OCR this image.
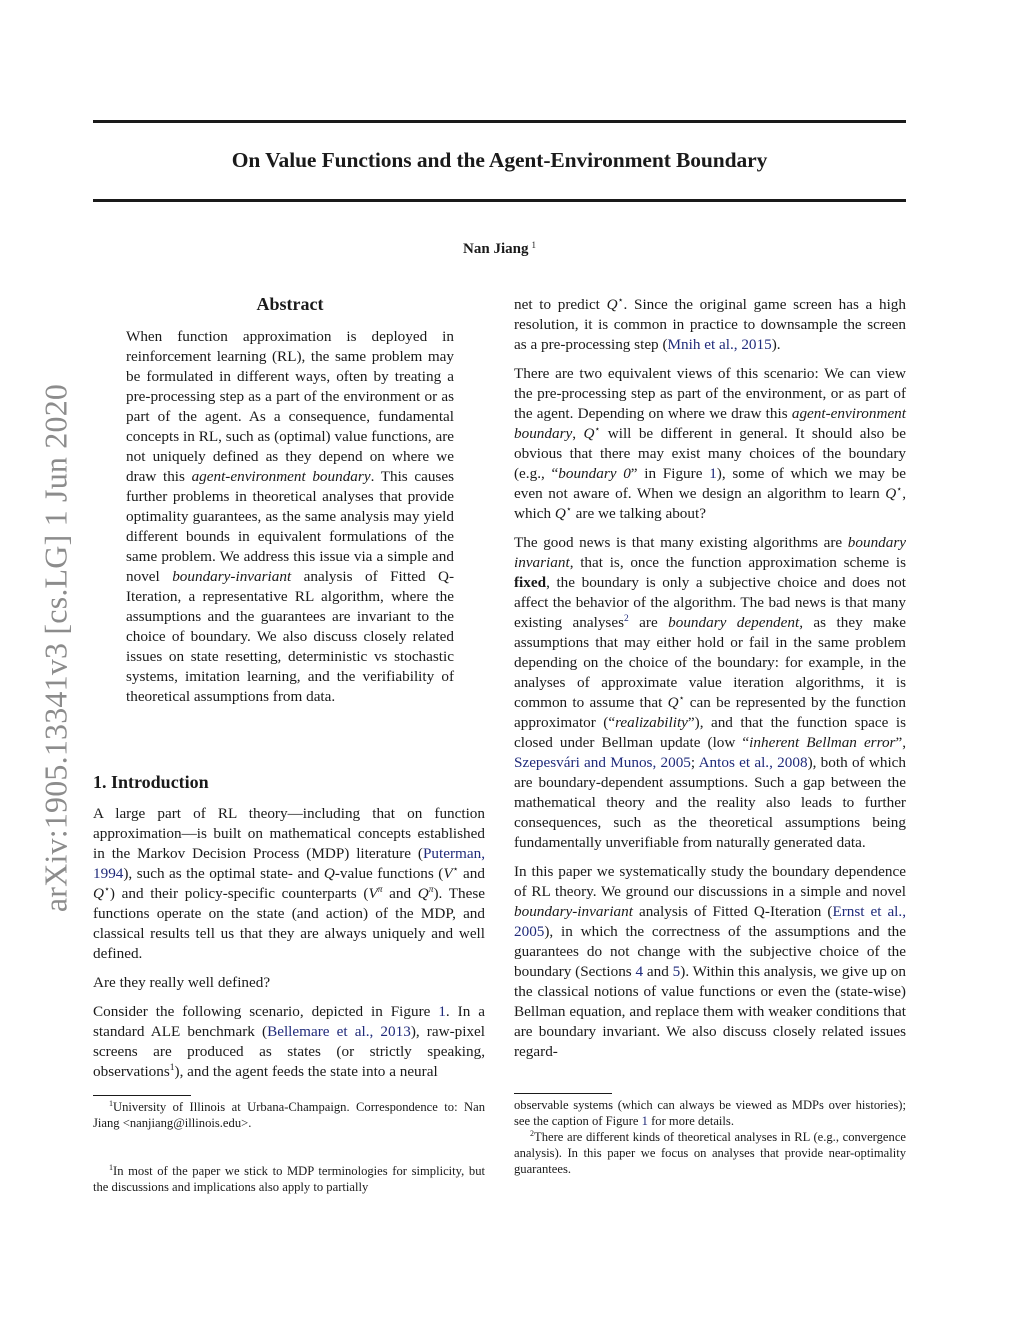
arXiv:1905.13341v3 [cs.LG] 1 Jun 2020
On Value Functions and the Agent-Environment Boundary
Nan Jiang $^1$
Abstract

When function approximation is deployed in reinforcement learning (RL), the same problem may be formulated in different ways, often by treating a pre-processing step as a part of the environment or as part of the agent. As a consequence, fundamental concepts in RL, such as (optimal) value functions, are not uniquely defined as they depend on where we draw this agent-environment boundary. This causes further problems in theoretical analyses that provide optimality guarantees, as the same analysis may yield different bounds in equivalent formulations of the same problem. We address this issue via a simple and novel boundary-invariant analysis of Fitted Q-Iteration, a representative RL algorithm, where the assumptions and the guarantees are invariant to the choice of boundary. We also discuss closely related issues on state resetting, deterministic vs stochastic systems, imitation learning, and the verifiability of theoretical assumptions from data.

1. Introduction

A large part of RL theory—including that on function approximation—is built on mathematical concepts established in the Markov Decision Process (MDP) literature (Puterman, 1994), such as the optimal state- and Q-value functions (V⋆ and Q⋆) and their policy-specific counterparts (V$^\pi$ and Q$^\pi$). These functions operate on the state (and action) of the MDP, and classical results tell us that they are always uniquely and well defined.

Are they really well defined?

Consider the following scenario, depicted in Figure 1. In a standard ALE benchmark (Bellemare et al., 2013), raw-pixel screens are produced as states (or strictly speaking, observations$^1$), and the agent feeds the state into a neural

$^1$University of Illinois at Urbana-Champaign. Correspondence to: Nan Jiang <nanjiang@illinois.edu>.

$^1$In most of the paper we stick to MDP terminologies for simplicity, but the discussions and implications also apply to partially

net to predict Q⋆. Since the original game screen has a high resolution, it is common in practice to downsample the screen as a pre-processing step (Mnih et al., 2015).

There are two equivalent views of this scenario: We can view the pre-processing step as part of the environment, or as part of the agent. Depending on where we draw this agent-environment boundary, Q⋆ will be different in general. It should also be obvious that there may exist many choices of the boundary (e.g., “boundary 0” in Figure 1), some of which we may be even not aware of. When we design an algorithm to learn Q⋆, which Q⋆ are we talking about?

The good news is that many existing algorithms are boundary invariant, that is, once the function approximation scheme is fixed, the boundary is only a subjective choice and does not affect the behavior of the algorithm. The bad news is that many existing analyses$^2$ are boundary dependent, as they make assumptions that may either hold or fail in the same problem depending on the choice of the boundary: for example, in the analyses of approximate value iteration algorithms, it is common to assume that Q⋆ can be represented by the function approximator (“realizability”), and that the function space is closed under Bellman update (low “inherent Bellman error”, Szepesvári and Munos, 2005; Antos et al., 2008), both of which are boundary-dependent assumptions. Such a gap between the mathematical theory and the reality also leads to further consequences, such as the theoretical assumptions being fundamentally unverifiable from naturally generated data.

In this paper we systematically study the boundary dependence of RL theory. We ground our discussions in a simple and novel boundary-invariant analysis of Fitted Q-Iteration (Ernst et al., 2005), in which the correctness of the assumptions and the guarantees do not change with the subjective choice of the boundary (Sections 4 and 5). Within this analysis, we give up on the classical notions of value functions or even the (state-wise) Bellman equation, and replace them with weaker conditions that are boundary invariant. We also discuss closely related issues regard-

observable systems (which can always be viewed as MDPs over histories); see the caption of Figure 1 for more details.

$^2$There are different kinds of theoretical analyses in RL (e.g., convergence analysis). In this paper we focus on analyses that provide near-optimality guarantees.
